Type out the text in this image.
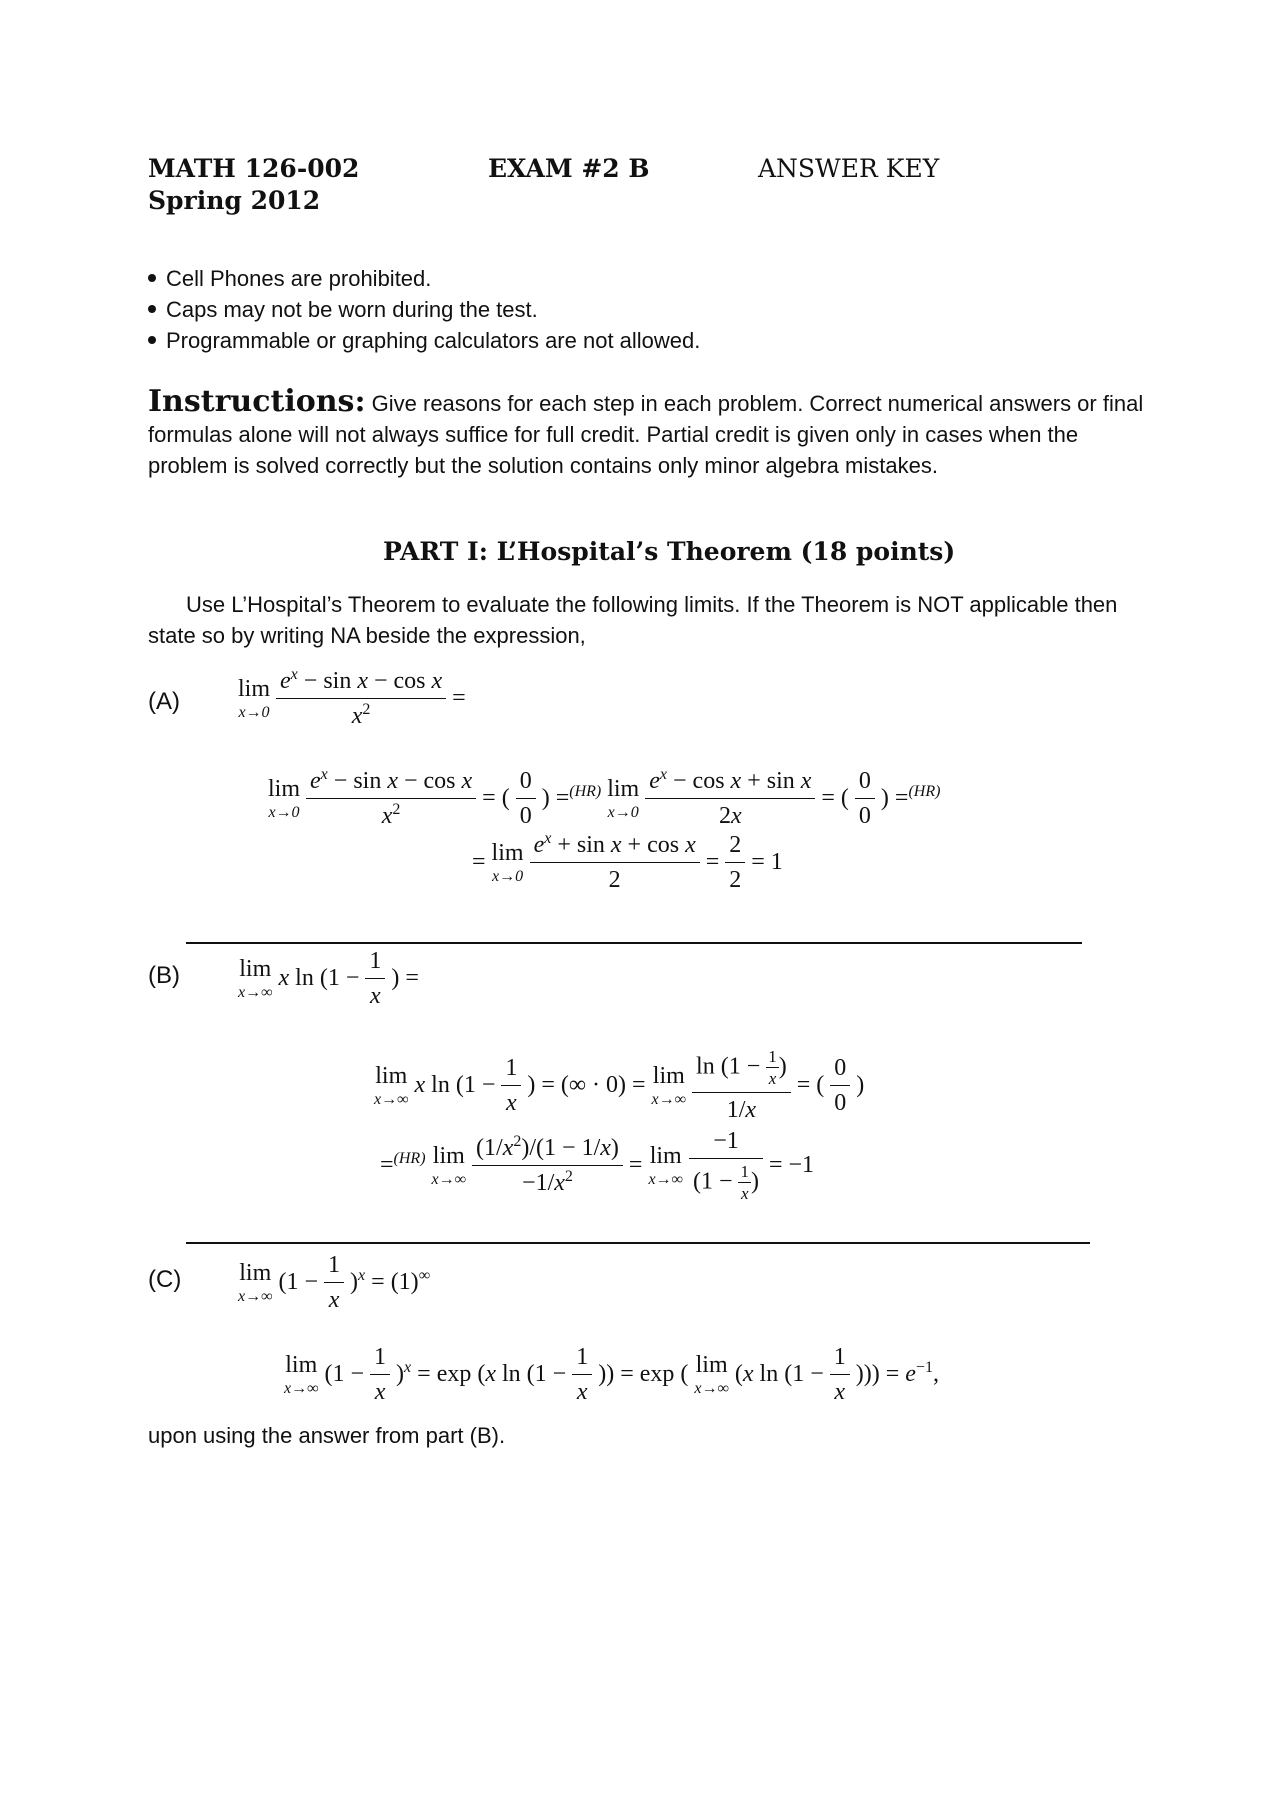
MATH 126-002
Spring 2012
EXAM #2 B	ANSWER KEY
Cell Phones are prohibited.
Caps may not be worn during the test.
Programmable or graphing calculators are not allowed.
Instructions: Give reasons for each step in each problem. Correct numerical answers or final formulas alone will not always suffice for full credit. Partial credit is given only in cases when the problem is solved correctly but the solution contains only minor algebra mistakes.
PART I: L’Hospital’s Theorem (18 points)
Use L’Hospital’s Theorem to evaluate the following limits. If the Theorem is NOT applicable then state so by writing NA beside the expression,
(A) lim
$x\to 0 \frac{e^x - \sin x - \cos x}{x^2}$ =
lim
$x\to 0 \frac{e^x - \sin x - \cos x}{x^2}$ = ( $\frac{0}{0}$ ) =$^{(HR)}$ lim
$x\to 0 \frac{e^x - \cos x + \sin x}{2x}$ = ( $\frac{0}{0}$ ) =$^{(HR)}$
= lim
$x\to 0 \frac{e^x + \sin x + \cos x}{2} = \frac{2}{2} = 1$
(B) lim
x→∞
x $\ln (1 - \frac{1}{x}$ ) =
lim
x→∞
x $\ln (1 - \frac{1}{x}$ ) = (∞ · 0) = lim
$x\to\infty \frac{\ln (1 - \frac{1}{x} )}{1/x}$ = ( $\frac{0}{0}$ )
=$^{(HR)}$ lim
$x\to\infty \frac{(1/x^2)/(1 - 1/x)}{-1/x^2} = \lim$
$x\to\infty \frac{-1}{(1 - \frac{1}{x} )} = -1$
(C) lim
x→∞
$(1 - \frac{1}{x} )^x = (1)^\infty$
lim
x→∞
$(1 - \frac{1}{x} )^x = \exp (x$ $\ln (1 - \frac{1}{x}$ )) = exp ( lim
x→∞
(x $\ln (1 - \frac{1}{x}$ ))) = $e^{-1}$,
upon using the answer from part (B).
